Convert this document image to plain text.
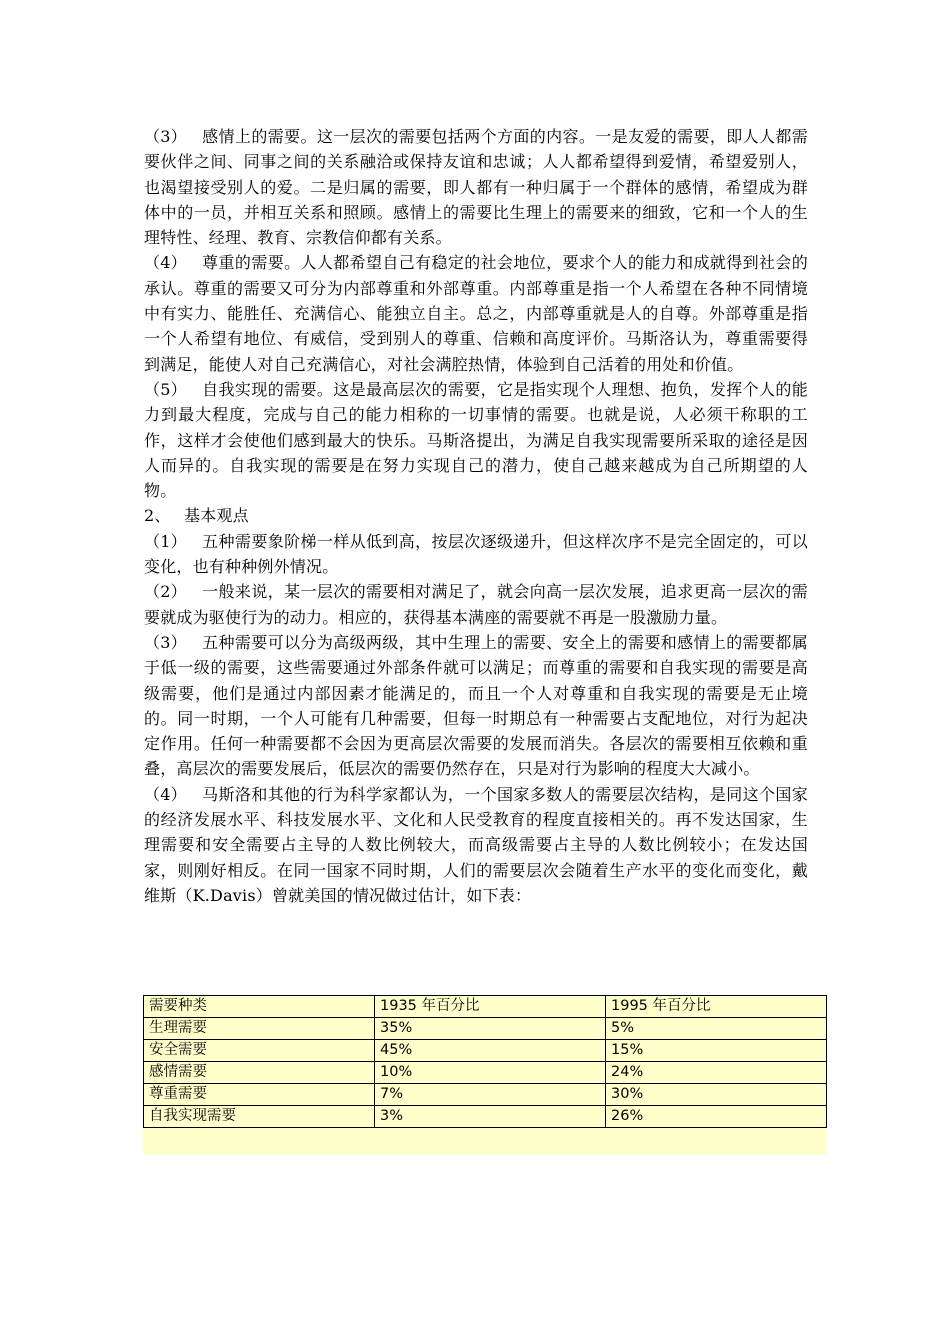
（3） 感情上的需要。这一层次的需要包括两个方面的内容。一是友爱的需要，即人人都需要伙伴之间、同事之间的关系融洽或保持友谊和忠诚；人人都希望得到爱情，希望爱别人，也渴望接受别人的爱。二是归属的需要，即人都有一种归属于一个群体的感情，希望成为群体中的一员，并相互关系和照顾。感情上的需要比生理上的需要来的细致，它和一个人的生理特性、经理、教育、宗教信仰都有关系。

（4） 尊重的需要。人人都希望自己有稳定的社会地位，要求个人的能力和成就得到社会的承认。尊重的需要又可分为内部尊重和外部尊重。内部尊重是指一个人希望在各种不同情境中有实力、能胜任、充满信心、能独立自主。总之，内部尊重就是人的自尊。外部尊重是指一个人希望有地位、有威信，受到别人的尊重、信赖和高度评价。马斯洛认为，尊重需要得到满足，能使人对自己充满信心，对社会满腔热情，体验到自己活着的用处和价值。

（5） 自我实现的需要。这是最高层次的需要，它是指实现个人理想、抱负，发挥个人的能力到最大程度，完成与自己的能力相称的一切事情的需要。也就是说，人必须干称职的工作，这样才会使他们感到最大的快乐。马斯洛提出，为满足自我实现需要所采取的途径是因人而异的。自我实现的需要是在努力实现自己的潜力，使自己越来越成为自己所期望的人物。

2、 基本观点

（1） 五种需要象阶梯一样从低到高，按层次逐级递升，但这样次序不是完全固定的，可以变化，也有种种例外情况。

（2） 一般来说，某一层次的需要相对满足了，就会向高一层次发展，追求更高一层次的需要就成为驱使行为的动力。相应的，获得基本满座的需要就不再是一股激励力量。

（3） 五种需要可以分为高级两级，其中生理上的需要、安全上的需要和感情上的需要都属于低一级的需要，这些需要通过外部条件就可以满足；而尊重的需要和自我实现的需要是高级需要，他们是通过内部因素才能满足的，而且一个人对尊重和自我实现的需要是无止境的。同一时期，一个人可能有几种需要，但每一时期总有一种需要占支配地位，对行为起决定作用。任何一种需要都不会因为更高层次需要的发展而消失。各层次的需要相互依赖和重叠，高层次的需要发展后，低层次的需要仍然存在，只是对行为影响的程度大大减小。

（4） 马斯洛和其他的行为科学家都认为，一个国家多数人的需要层次结构，是同这个国家的经济发展水平、科技发展水平、文化和人民受教育的程度直接相关的。再不发达国家，生理需要和安全需要占主导的人数比例较大，而高级需要占主导的人数比例较小；在发达国家，则刚好相反。在同一国家不同时期，人们的需要层次会随着生产水平的变化而变化，戴维斯（K.Davis）曾就美国的情况做过估计，如下表：

需要种类	1935 年百分比	1995 年百分比
生理需要	35%	5%
安全需要	45%	15%
感情需要	10%	24%
尊重需要	7%	30%
自我实现需要	3%	26%
